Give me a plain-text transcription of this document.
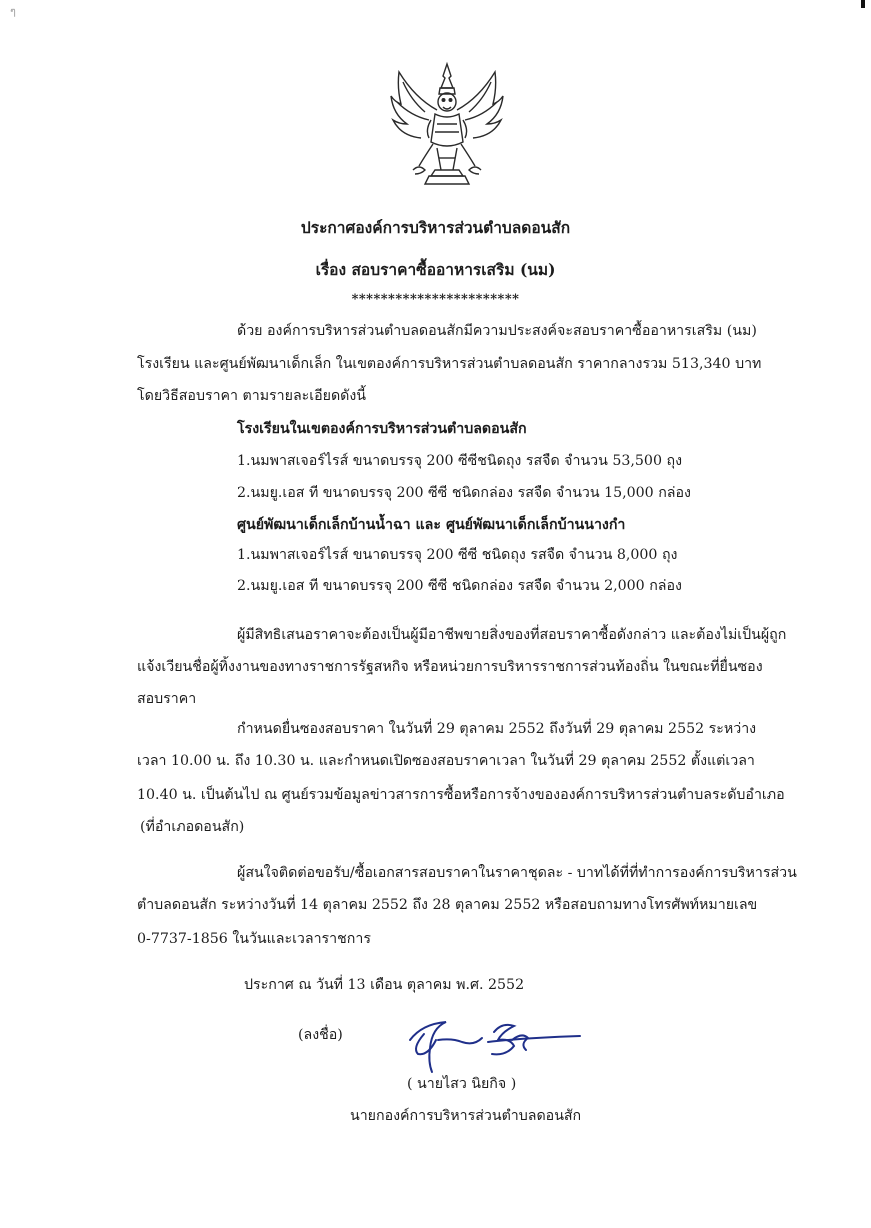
ๆ
ประกาศองค์การบริหารส่วนตำบลดอนสัก
เรื่อง สอบราคาซื้ออาหารเสริม (นม)
***********************
ด้วย องค์การบริหารส่วนตำบลดอนสักมีความประสงค์จะสอบราคาซื้ออาหารเสริม (นม)
โรงเรียน และศูนย์พัฒนาเด็กเล็ก ในเขตองค์การบริหารส่วนตำบลดอนสัก ราคากลางรวม 513,340 บาท
โดยวิธีสอบราคา ตามรายละเอียดดังนี้
โรงเรียนในเขตองค์การบริหารส่วนตำบลดอนสัก
1.นมพาสเจอร์ไรส์ ขนาดบรรจุ 200 ซีซีชนิดถุง รสจืด จำนวน 53,500 ถุง
2.นมยู.เอส ที ขนาดบรรจุ 200 ซีซี ชนิดกล่อง รสจืด จำนวน 15,000 กล่อง
ศูนย์พัฒนาเด็กเล็กบ้านน้ำฉา และ ศูนย์พัฒนาเด็กเล็กบ้านนางกำ
1.นมพาสเจอร์ไรส์ ขนาดบรรจุ 200 ซีซี ชนิดถุง รสจืด จำนวน 8,000 ถุง
2.นมยู.เอส ที ขนาดบรรจุ 200 ซีซี ชนิดกล่อง รสจืด จำนวน 2,000 กล่อง
ผู้มีสิทธิเสนอราคาจะต้องเป็นผู้มีอาชีพขายสิ่งของที่สอบราคาซื้อดังกล่าว และต้องไม่เป็นผู้ถูก
แจ้งเวียนชื่อผู้ทิ้งงานของทางราชการรัฐสหกิจ หรือหน่วยการบริหารราชการส่วนท้องถิ่น ในขณะที่ยื่นซอง
สอบราคา
กำหนดยื่นซองสอบราคา ในวันที่ 29 ตุลาคม 2552 ถึงวันที่ 29 ตุลาคม 2552 ระหว่าง
เวลา 10.00 น. ถึง 10.30 น. และกำหนดเปิดซองสอบราคาเวลา ในวันที่ 29 ตุลาคม 2552 ตั้งแต่เวลา
10.40 น. เป็นต้นไป ณ ศูนย์รวมข้อมูลข่าวสารการซื้อหรือการจ้างขององค์การบริหารส่วนตำบลระดับอำเภอ
(ที่อำเภอดอนสัก)
ผู้สนใจติดต่อขอรับ/ซื้อเอกสารสอบราคาในราคาชุดละ - บาทได้ที่ที่ทำการองค์การบริหารส่วน
ตำบลดอนสัก ระหว่างวันที่ 14 ตุลาคม 2552 ถึง 28 ตุลาคม 2552 หรือสอบถามทางโทรศัพท์หมายเลข
0-7737-1856 ในวันและเวลาราชการ
ประกาศ ณ วันที่ 13 เดือน ตุลาคม พ.ศ. 2552
(ลงชื่อ)
( นายไสว นิยกิจ )
นายกองค์การบริหารส่วนตำบลดอนสัก
